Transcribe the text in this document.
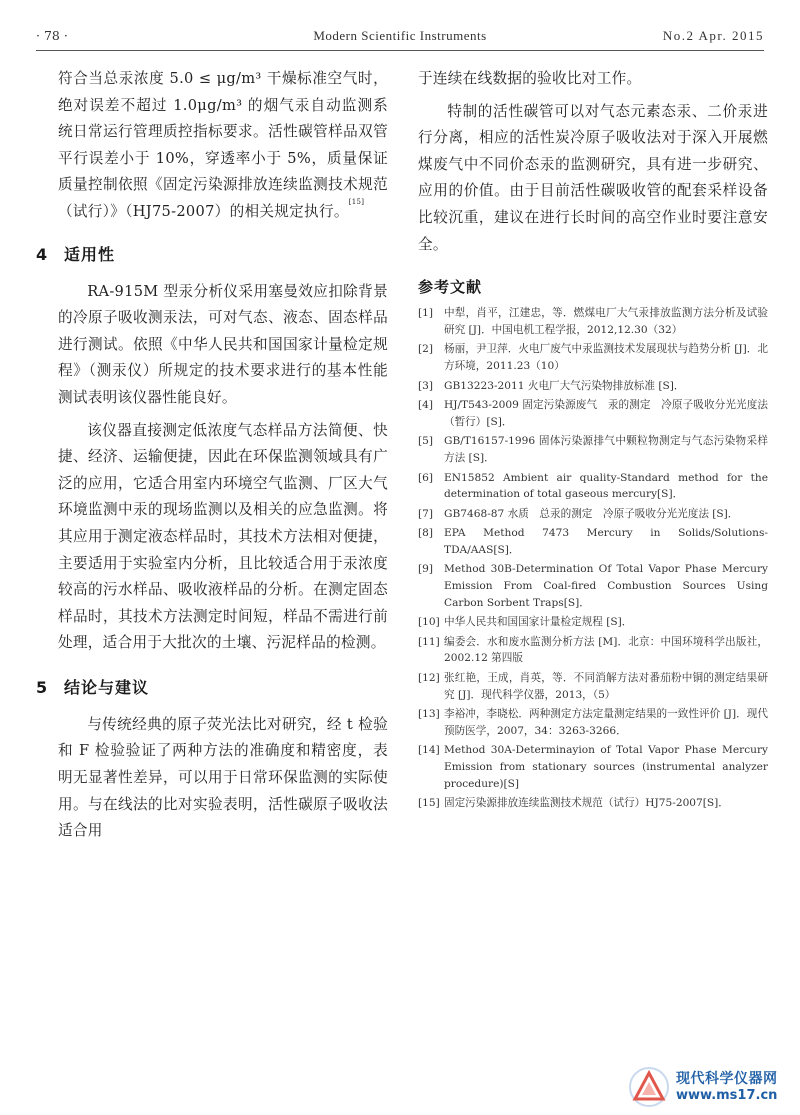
· 78 ·	Modern Scientific Instruments	No.2 Apr. 2015

符合当总汞浓度 5.0 ≤ μg/m³ 干燥标准空气时，绝对误差不超过 1.0μg/m³ 的烟气汞自动监测系统日常运行管理质控指标要求。活性碳管样品双管平行误差小于 10%，穿透率小于 5%，质量保证质量控制依照《固定污染源排放连续监测技术规范（试行）》（HJ75-2007）的相关规定执行。[15]

4 适用性

RA-915M 型汞分析仪采用塞曼效应扣除背景的冷原子吸收测汞法，可对气态、液态、固态样品进行测试。依照《中华人民共和国国家计量检定规程》（测汞仪）所规定的技术要求进行的基本性能测试表明该仪器性能良好。

该仪器直接测定低浓度气态样品方法简便、快捷、经济、运输便捷，因此在环保监测领域具有广泛的应用，它适合用室内环境空气监测、厂区大气环境监测中汞的现场监测以及相关的应急监测。将其应用于测定液态样品时，其技术方法相对便捷，主要适用于实验室内分析，且比较适合用于汞浓度较高的污水样品、吸收液样品的分析。在测定固态样品时，其技术方法测定时间短，样品不需进行前处理，适合用于大批次的土壤、污泥样品的检测。

5 结论与建议

与传统经典的原子荧光法比对研究，经 t 检验和 F 检验验证了两种方法的准确度和精密度，表明无显著性差异，可以用于日常环保监测的实际使用。与在线法的比对实验表明，活性碳原子吸收法适合用

于连续在线数据的验收比对工作。

特制的活性碳管可以对气态元素态汞、二价汞进行分离，相应的活性炭冷原子吸收法对于深入开展燃煤废气中不同价态汞的监测研究，具有进一步研究、应用的价值。由于目前活性碳吸收管的配套采样设备比较沉重，建议在进行长时间的高空作业时要注意安全。

参考文献
[1] 中犁，肖平，江建忠，等．燃煤电厂大气汞排放监测方法分析及试验研究 [J]．中国电机工程学报，2012,12.30（32）
[2] 杨丽，尹卫萍．火电厂废气中汞监测技术发展现状与趋势分析 [J]．北方环境，2011.23（10）
[3] GB13223-2011 火电厂大气污染物排放标准 [S]．
[4] HJ/T543-2009 固定污染源废气　汞的测定　冷原子吸收分光光度法（暂行）[S]．
[5] GB/T16157-1996 固体污染源排气中颗粒物测定与气态污染物采样方法 [S]．
[6] EN15852 Ambient air quality-Standard method for the determination of total gaseous mercury[S]．
[7] GB7468-87 水质　总汞的测定　冷原子吸收分光光度法 [S]．
[8] EPA Method 7473 Mercury in Solids/Solutions-TDA/AAS[S]．
[9] Method 30B-Determination Of Total Vapor Phase Mercury Emission From Coal-fired Combustion Sources Using Carbon Sorbent Traps[S]．
[10] 中华人民共和国国家计量检定规程 [S]．
[11] 编委会．水和废水监测分析方法 [M]．北京：中国环境科学出版社，2002.12 第四版
[12] 张红艳，王成，肖英，等．不同消解方法对番茄粉中铜的测定结果研究 [J]．现代科学仪器，2013，（5）
[13] 李裕冲，李晓松．两种测定方法定量测定结果的一致性评价 [J]．现代预防医学，2007，34：3263-3266．
[14] Method 30A-Determinayion of Total Vapor Phase Mercury Emission from stationary sources (instrumental analyzer procedure)[S]
[15] 固定污染源排放连续监测技术规范（试行）HJ75-2007[S]．
现代科学仪器网
www.ms17.cn
